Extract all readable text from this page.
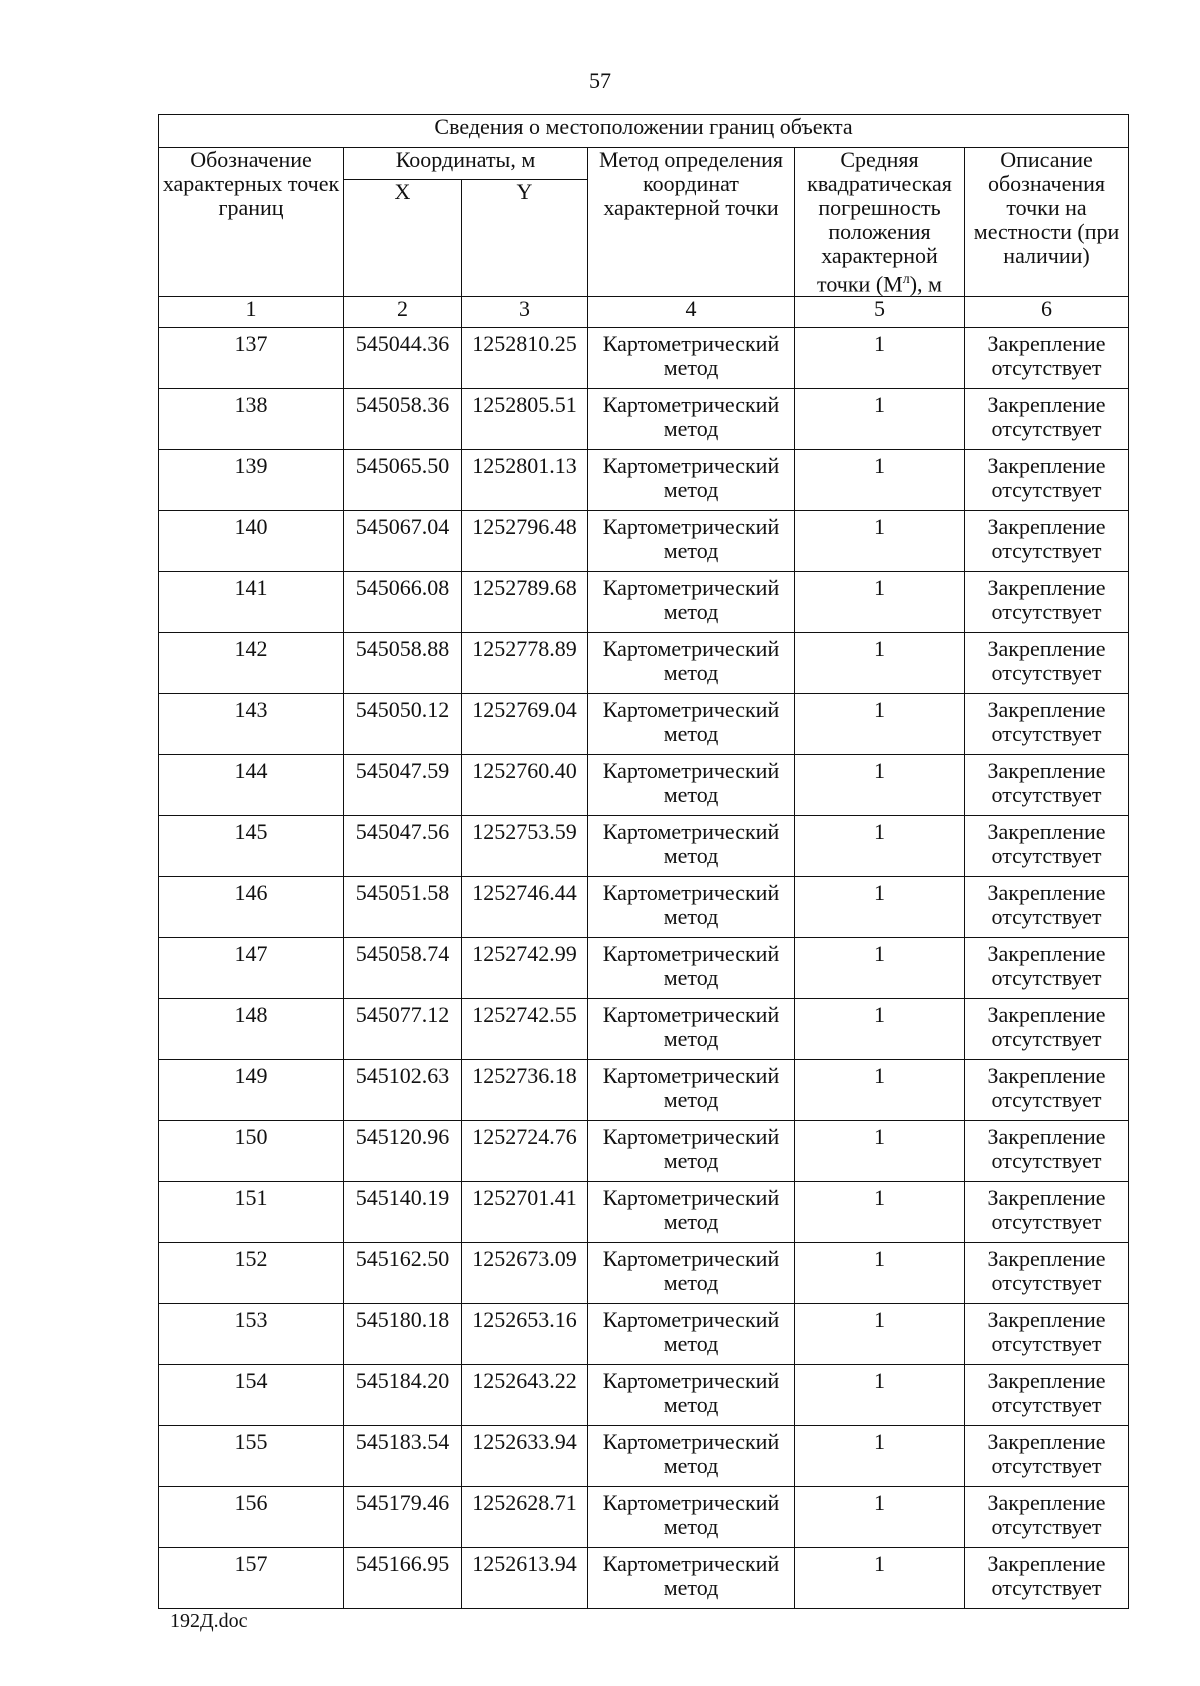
57
Сведения о местоположении границ объекта					
Обозначение характерных точек границ	Координаты, м		Метод определения координат характерной точки	Средняя квадратическая погрешность положения характерной точки $(М^л)$, м	Описание обозначения точки на местности (при наличии)
	X	Y			
1	2	3	4	5	6
137	545044.36	1252810.25	Картометрический метод	1	Закрепление отсутствует
138	545058.36	1252805.51	Картометрический метод	1	Закрепление отсутствует
139	545065.50	1252801.13	Картометрический метод	1	Закрепление отсутствует
140	545067.04	1252796.48	Картометрический метод	1	Закрепление отсутствует
141	545066.08	1252789.68	Картометрический метод	1	Закрепление отсутствует
142	545058.88	1252778.89	Картометрический метод	1	Закрепление отсутствует
143	545050.12	1252769.04	Картометрический метод	1	Закрепление отсутствует
144	545047.59	1252760.40	Картометрический метод	1	Закрепление отсутствует
145	545047.56	1252753.59	Картометрический метод	1	Закрепление отсутствует
146	545051.58	1252746.44	Картометрический метод	1	Закрепление отсутствует
147	545058.74	1252742.99	Картометрический метод	1	Закрепление отсутствует
148	545077.12	1252742.55	Картометрический метод	1	Закрепление отсутствует
149	545102.63	1252736.18	Картометрический метод	1	Закрепление отсутствует
150	545120.96	1252724.76	Картометрический метод	1	Закрепление отсутствует
151	545140.19	1252701.41	Картометрический метод	1	Закрепление отсутствует
152	545162.50	1252673.09	Картометрический метод	1	Закрепление отсутствует
153	545180.18	1252653.16	Картометрический метод	1	Закрепление отсутствует
154	545184.20	1252643.22	Картометрический метод	1	Закрепление отсутствует
155	545183.54	1252633.94	Картометрический метод	1	Закрепление отсутствует
156	545179.46	1252628.71	Картометрический метод	1	Закрепление отсутствует
157	545166.95	1252613.94	Картометрический метод	1	Закрепление отсутствует
192Д.doc
